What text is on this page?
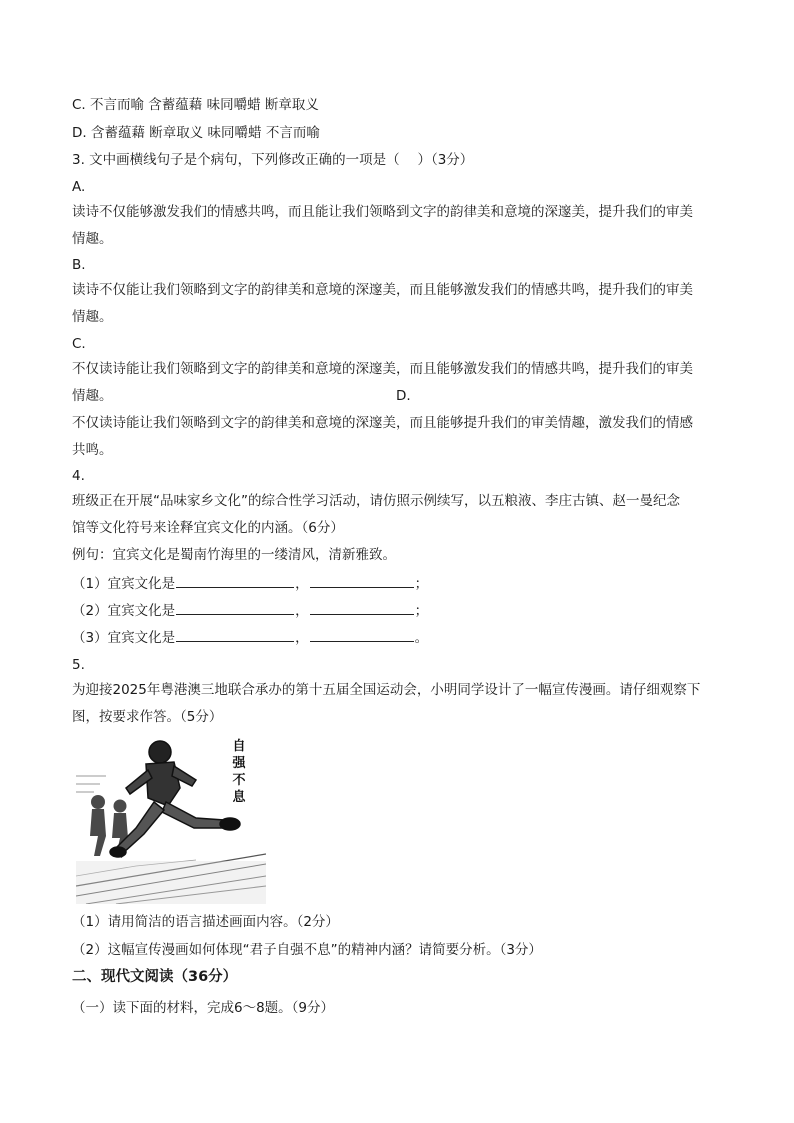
C. 不言而喻 含蓄蕴藉 味同嚼蜡 断章取义
D. 含蓄蕴藉 断章取义 味同嚼蜡 不言而喻
3. 文中画横线句子是个病句，下列修改正确的一项是（　 ）（3分）
A.
读诗不仅能够激发我们的情感共鸣，而且能让我们领略到文字的韵律美和意境的深邃美，提升我们的审美
情趣。
B.
读诗不仅能让我们领略到文字的韵律美和意境的深邃美，而且能够激发我们的情感共鸣，提升我们的审美
情趣。
C.
不仅读诗能让我们领略到文字的韵律美和意境的深邃美，而且能够激发我们的情感共鸣，提升我们的审美
情趣。	D.
不仅读诗能让我们领略到文字的韵律美和意境的深邃美，而且能够提升我们的审美情趣，激发我们的情感
共鸣。
4.
班级正在开展“品味家乡文化”的综合性学习活动，请仿照示例续写，以五粮液、李庄古镇、赵一曼纪念
馆等文化符号来诠释宜宾文化的内涵。（6分）
例句：宜宾文化是蜀南竹海里的一缕清风，清新雅致。
（1）宜宾文化是	，	；
（2）宜宾文化是	，	；
（3）宜宾文化是	，	。
5.
为迎接2025年粤港澳三地联合承办的第十五届全国运动会，小明同学设计了一幅宣传漫画。请仔细观察下
图，按要求作答。（5分）
自
强
不
息
（1）请用简洁的语言描述画面内容。（2分）
（2）这幅宣传漫画如何体现“君子自强不息”的精神内涵？请简要分析。（3分）
二、现代文阅读（36分）
（一）读下面的材料，完成6～8题。（9分）
